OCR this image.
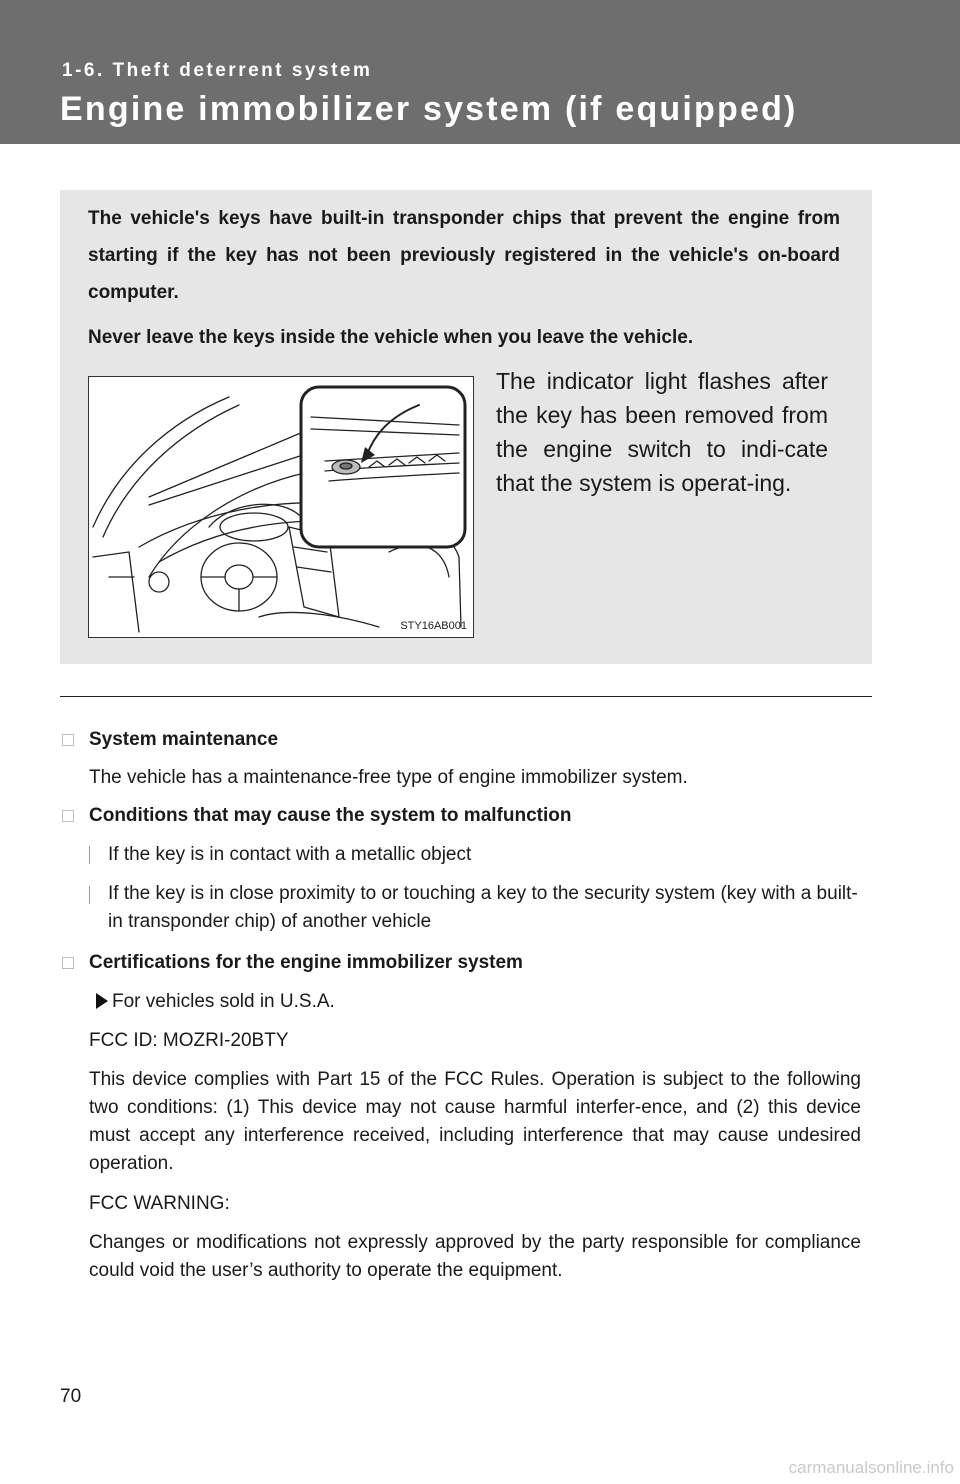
1-6. Theft deterrent system
Engine immobilizer system (if equipped)

The vehicle's keys have built-in transponder chips that prevent the engine from starting if the key has not been previously registered in the vehicle's on-board computer.

Never leave the keys inside the vehicle when you leave the vehicle.

STY16AB001

The indicator light flashes after the key has been removed from the engine switch to indi-cate that the system is operat-ing.

System maintenance

The vehicle has a maintenance-free type of engine immobilizer system.

Conditions that may cause the system to malfunction

If the key is in contact with a metallic object

If the key is in close proximity to or touching a key to the security system (key with a built-in transponder chip) of another vehicle

Certifications for the engine immobilizer system

For vehicles sold in U.S.A.

FCC ID: MOZRI-20BTY

This device complies with Part 15 of the FCC Rules. Operation is subject to the following two conditions: (1) This device may not cause harmful interfer-ence, and (2) this device must accept any interference received, including interference that may cause undesired operation.

FCC WARNING:

Changes or modifications not expressly approved by the party responsible for compliance could void the user’s authority to operate the equipment.

70
carmanualsonline.info
